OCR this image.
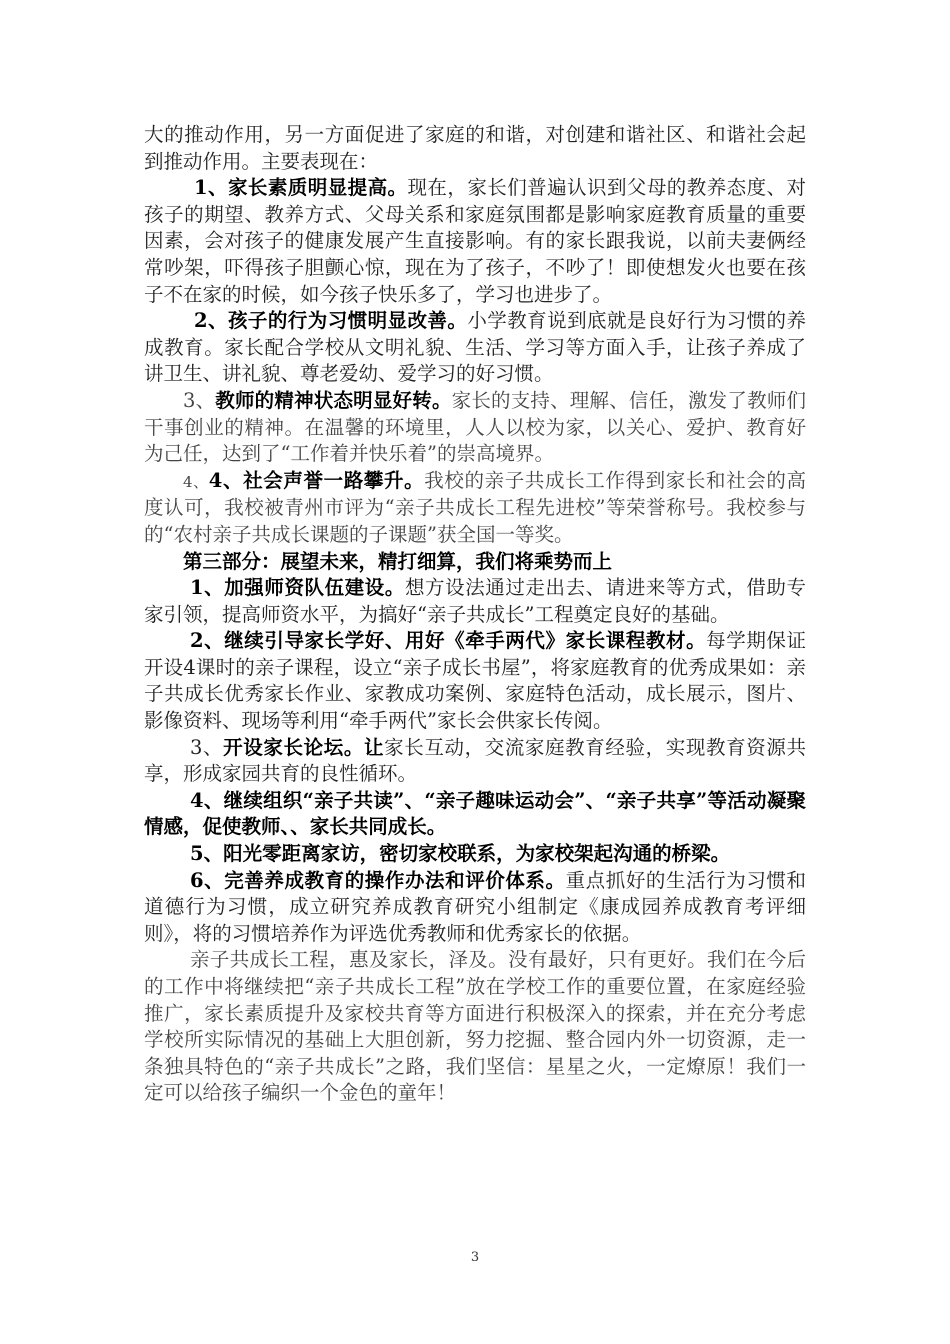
大的推动作用，另一方面促进了家庭的和谐，对创建和谐社区、和谐社会起到推动作用。主要表现在：

1、家长素质明显提高。现在，家长们普遍认识到父母的教养态度、对孩子的期望、教养方式、父母关系和家庭氛围都是影响家庭教育质量的重要因素，会对孩子的健康发展产生直接影响。有的家长跟我说，以前夫妻俩经常吵架，吓得孩子胆颤心惊，现在为了孩子，不吵了！即使想发火也要在孩子不在家的时候，如今孩子快乐多了，学习也进步了。

2、孩子的行为习惯明显改善。小学教育说到底就是良好行为习惯的养成教育。家长配合学校从文明礼貌、生活、学习等方面入手，让孩子养成了讲卫生、讲礼貌、尊老爱幼、爱学习的好习惯。

3、教师的精神状态明显好转。家长的支持、理解、信任，激发了教师们干事创业的精神。在温馨的环境里，人人以校为家，以关心、爱护、教育好为己任，达到了“工作着并快乐着”的崇高境界。

4、4、社会声誉一路攀升。我校的亲子共成长工作得到家长和社会的高度认可，我校被青州市评为“亲子共成长工程先进校”等荣誉称号。我校参与的“农村亲子共成长课题的子课题”获全国一等奖。

第三部分：展望未来，精打细算，我们将乘势而上

1、加强师资队伍建设。想方设法通过走出去、请进来等方式，借助专家引领，提高师资水平，为搞好“亲子共成长”工程奠定良好的基础。

2、继续引导家长学好、用好《牵手两代》家长课程教材。每学期保证开设4课时的亲子课程，设立“亲子成长书屋”，将家庭教育的优秀成果如：亲子共成长优秀家长作业、家教成功案例、家庭特色活动，成长展示，图片、影像资料、现场等利用“牵手两代”家长会供家长传阅。

3、开设家长论坛。让家长互动，交流家庭教育经验，实现教育资源共享，形成家园共育的良性循环。

4、继续组织“亲子共读”、“亲子趣味运动会”、“亲子共享”等活动凝聚情感，促使教师、、家长共同成长。

5、阳光零距离家访，密切家校联系，为家校架起沟通的桥梁。

6、完善养成教育的操作办法和评价体系。重点抓好的生活行为习惯和道德行为习惯，成立研究养成教育研究小组制定《康成园养成教育考评细则》，将的习惯培养作为评选优秀教师和优秀家长的依据。

亲子共成长工程，惠及家长，泽及。没有最好，只有更好。我们在今后的工作中将继续把“亲子共成长工程”放在学校工作的重要位置，在家庭经验推广，家长素质提升及家校共育等方面进行积极深入的探索，并在充分考虑学校所实际情况的基础上大胆创新，努力挖掘、整合园内外一切资源，走一条独具特色的“亲子共成长”之路，我们坚信：星星之火，一定燎原！我们一定可以给孩子编织一个金色的童年！

3
